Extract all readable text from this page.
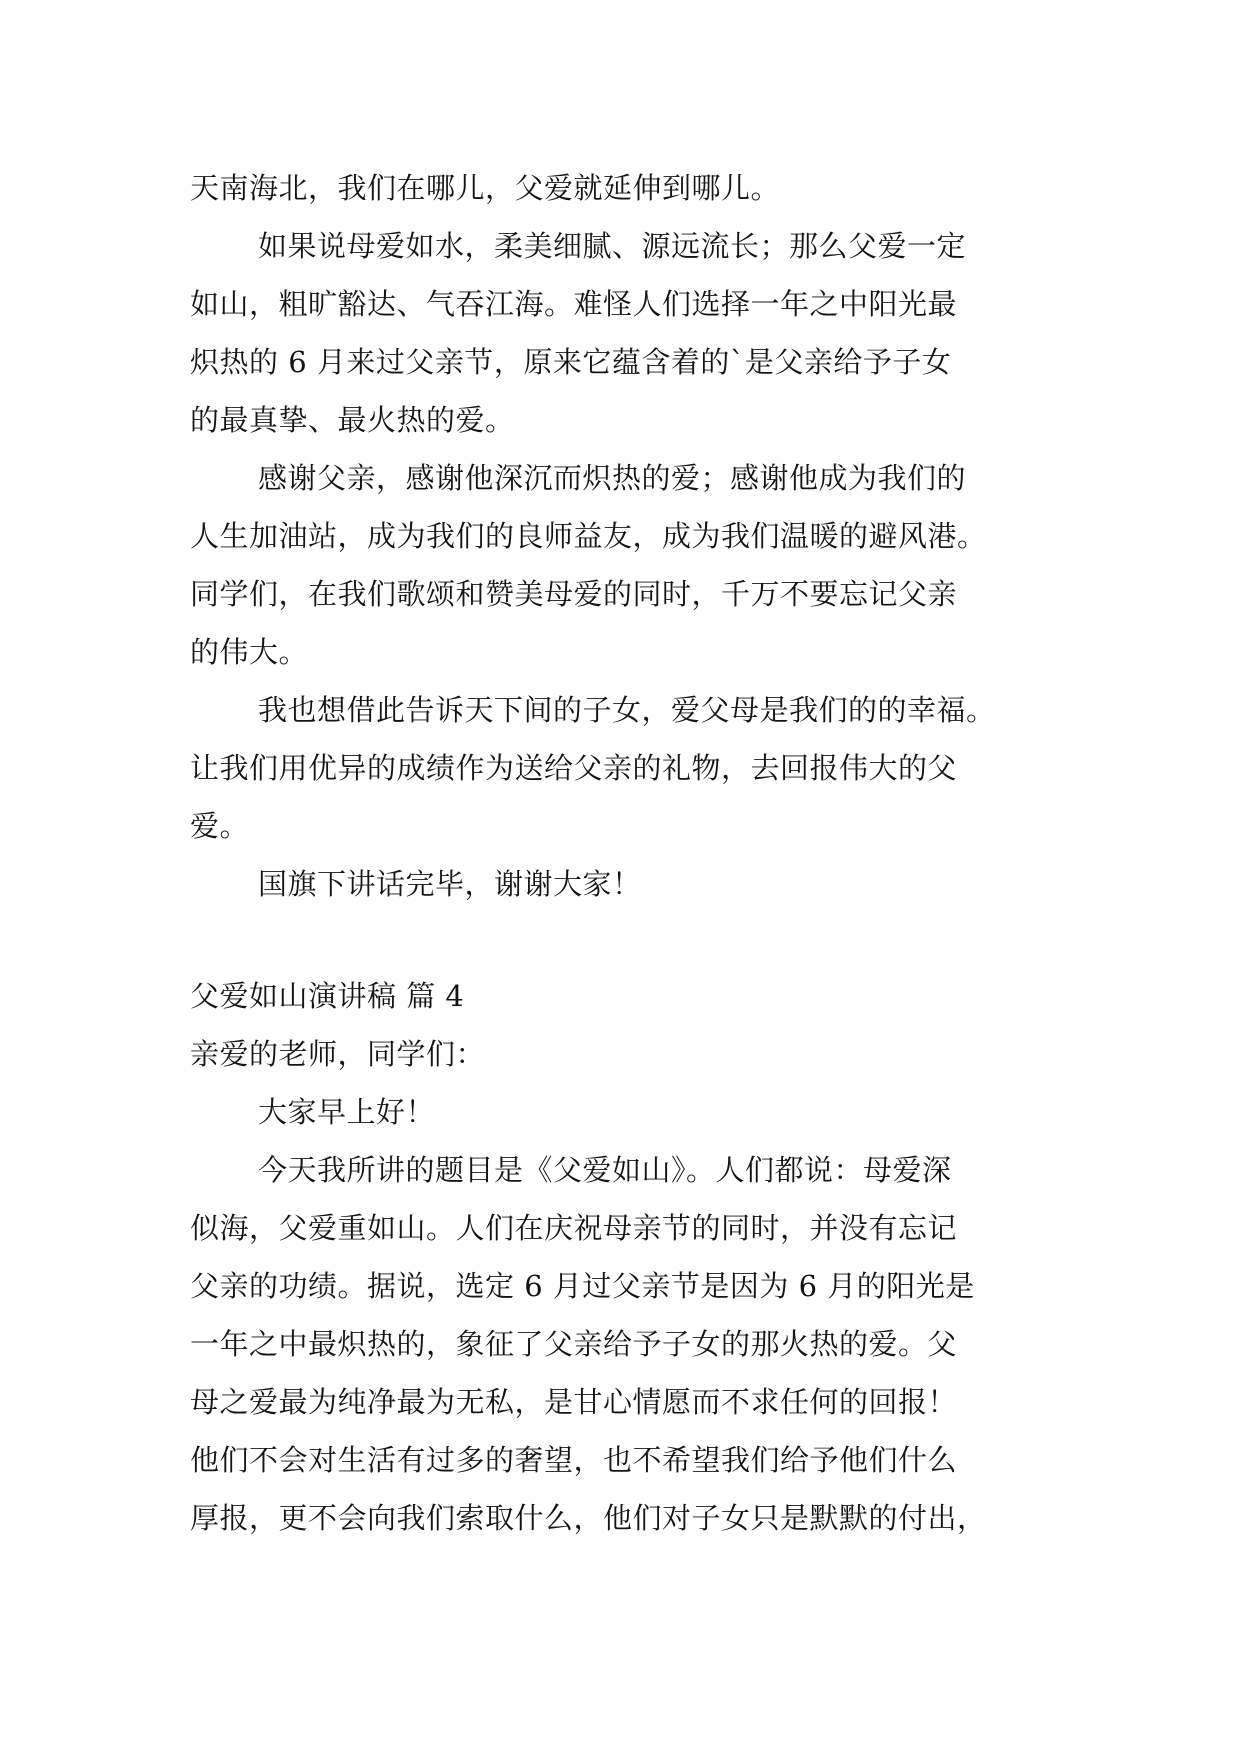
天南海北，我们在哪儿，父爱就延伸到哪儿。
如果说母爱如水，柔美细腻、源远流长；那么父爱一定
如山，粗旷豁达、气吞江海。难怪人们选择一年之中阳光最
炽热的 6 月来过父亲节，原来它蕴含着的`是父亲给予子女
的最真挚、最火热的爱。
感谢父亲，感谢他深沉而炽热的爱；感谢他成为我们的
人生加油站，成为我们的良师益友，成为我们温暖的避风港。
同学们，在我们歌颂和赞美母爱的同时，千万不要忘记父亲
的伟大。
我也想借此告诉天下间的子女，爱父母是我们的的幸福。
让我们用优异的成绩作为送给父亲的礼物，去回报伟大的父
爱。
国旗下讲话完毕，谢谢大家！
父爱如山演讲稿 篇 4
亲爱的老师，同学们：
大家早上好！
今天我所讲的题目是《父爱如山》。人们都说：母爱深
似海，父爱重如山。人们在庆祝母亲节的同时，并没有忘记
父亲的功绩。据说，选定 6 月过父亲节是因为 6 月的阳光是
一年之中最炽热的，象征了父亲给予子女的那火热的爱。父
母之爱最为纯净最为无私，是甘心情愿而不求任何的回报！
他们不会对生活有过多的奢望，也不希望我们给予他们什么
厚报，更不会向我们索取什么，他们对子女只是默默的付出，
